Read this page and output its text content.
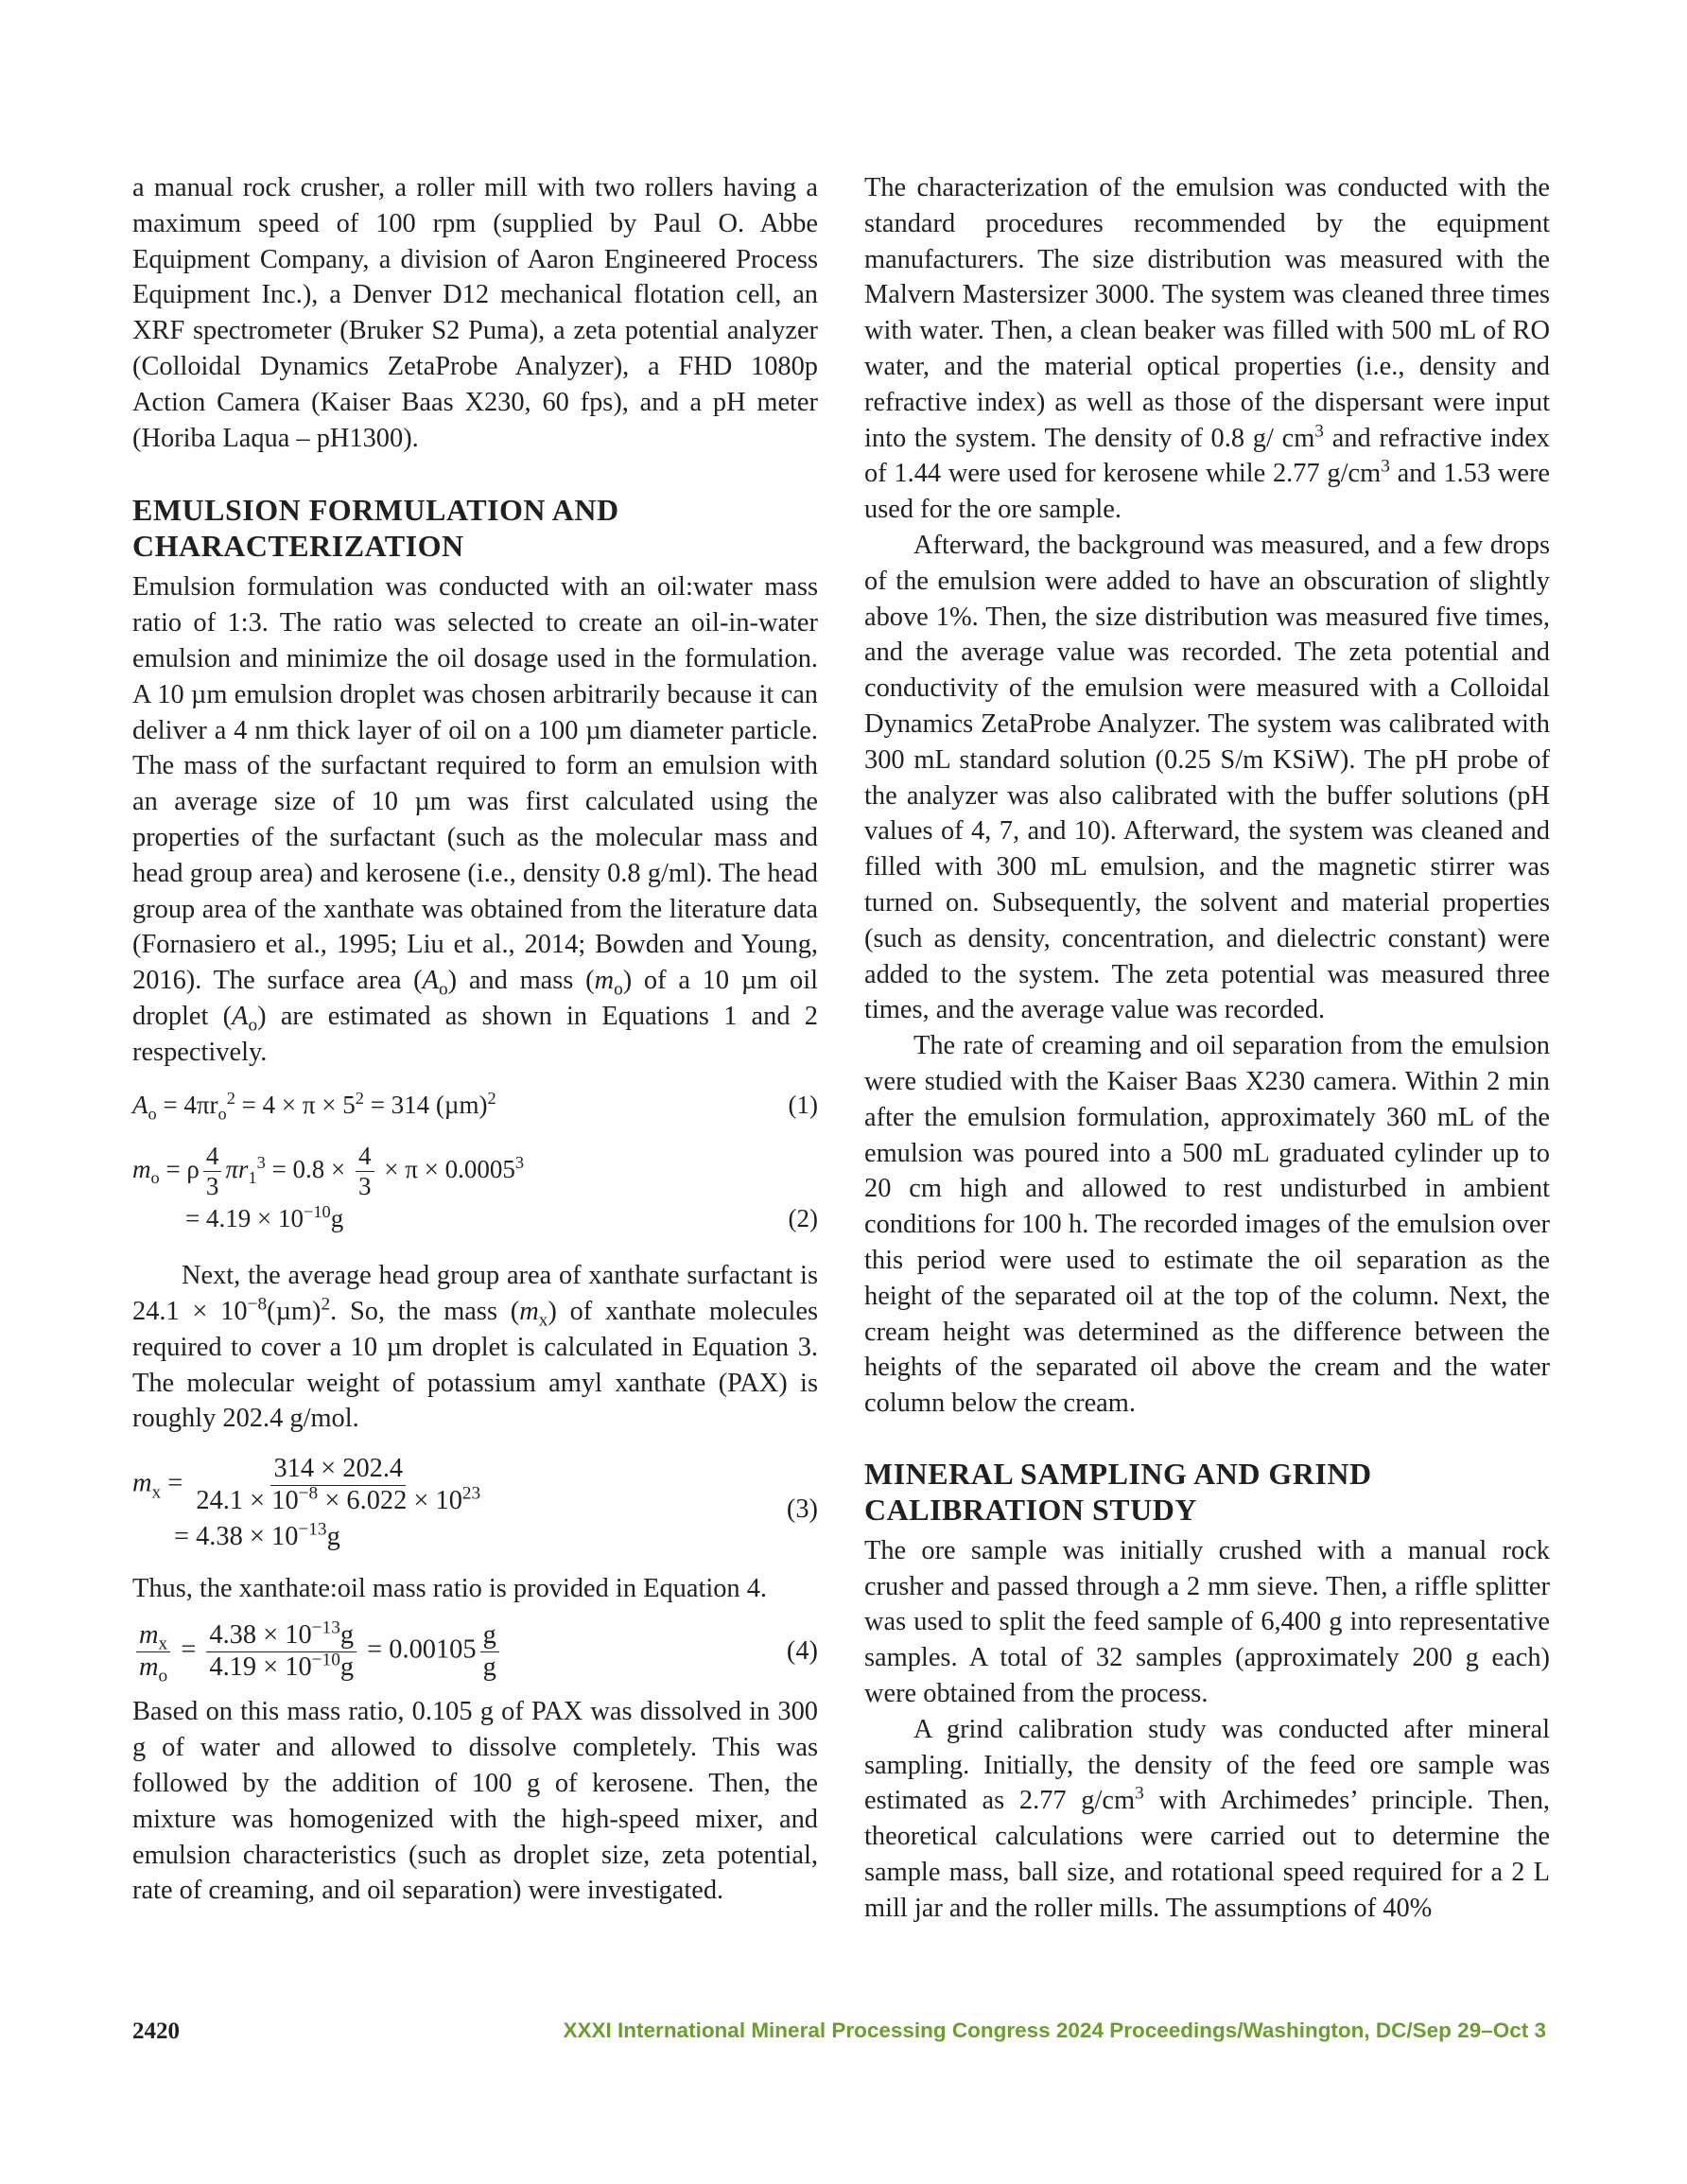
a manual rock crusher, a roller mill with two rollers having a maximum speed of 100 rpm (supplied by Paul O. Abbe Equipment Company, a division of Aaron Engineered Process Equipment Inc.), a Denver D12 mechanical flotation cell, an XRF spectrometer (Bruker S2 Puma), a zeta potential analyzer (Colloidal Dynamics ZetaProbe Analyzer), a FHD 1080p Action Camera (Kaiser Baas X230, 60 fps), and a pH meter (Horiba Laqua – pH1300).

EMULSION FORMULATION AND CHARACTERIZATION

Emulsion formulation was conducted with an oil:water mass ratio of 1:3. The ratio was selected to create an oil-in-water emulsion and minimize the oil dosage used in the formulation. A 10 µm emulsion droplet was chosen arbitrarily because it can deliver a 4 nm thick layer of oil on a 100 µm diameter particle. The mass of the surfactant required to form an emulsion with an average size of 10 µm was first calculated using the properties of the surfactant (such as the molecular mass and head group area) and kerosene (i.e., density 0.8 g/ml). The head group area of the xanthate was obtained from the literature data (Fornasiero et al., 1995; Liu et al., 2014; Bowden and Young, 2016). The surface area $(A_o)$ and mass $(m_o)$ of a 10 µm oil droplet $(A_o)$ are estimated as shown in Equations 1 and 2 respectively.

$A_o = 4\pi r_o^2 = 4 \times \pi \times 5^2 = 314$ $(\mu m)^2$	(1)
$m_o = \rho \frac{4}{3} \pi r_1^3 = 0.8 \times \frac{4}{3} \times \pi \times 0.0005^3$
= $4.19 \times 10^{-10}g$	(2)

Next, the average head group area of xanthate surfactant is $24.1 \times 10^{-8}(\mu m)^2$. So, the mass $(m_x)$ of xanthate molecules required to cover a 10 µm droplet is calculated in Equation 3. The molecular weight of potassium amyl xanthate (PAX) is roughly 202.4 g/mol.

$m_x = \frac{314 \times 202.4}{24.1 \times 10^{-8} \times 6.022 \times 10^{23}}$	(3)
= $4.38 \times 10^{-13}g$

Thus, the xanthate:oil mass ratio is provided in Equation 4.

$\frac{m_x}{m_o} = \frac{4.38 \times 10^{-13}g}{4.19 \times 10^{-10}g} = 0.00105 \frac{g}{g}$	(4)

Based on this mass ratio, 0.105 g of PAX was dissolved in 300 g of water and allowed to dissolve completely. This was followed by the addition of 100 g of kerosene. Then, the mixture was homogenized with the high-speed mixer, and emulsion characteristics (such as droplet size, zeta potential, rate of creaming, and oil separation) were investigated.

The characterization of the emulsion was conducted with the standard procedures recommended by the equipment manufacturers. The size distribution was measured with the Malvern Mastersizer 3000. The system was cleaned three times with water. Then, a clean beaker was filled with 500 mL of RO water, and the material optical properties (i.e., density and refractive index) as well as those of the dispersant were input into the system. The density of 0.8 g/ $cm^3$ and refractive index of 1.44 were used for kerosene while 2.77 $g/cm^3$ and 1.53 were used for the ore sample.

Afterward, the background was measured, and a few drops of the emulsion were added to have an obscuration of slightly above 1%. Then, the size distribution was measured five times, and the average value was recorded. The zeta potential and conductivity of the emulsion were measured with a Colloidal Dynamics ZetaProbe Analyzer. The system was calibrated with 300 mL standard solution (0.25 S/m KSiW). The pH probe of the analyzer was also calibrated with the buffer solutions (pH values of 4, 7, and 10). Afterward, the system was cleaned and filled with 300 mL emulsion, and the magnetic stirrer was turned on. Subsequently, the solvent and material properties (such as density, concentration, and dielectric constant) were added to the system. The zeta potential was measured three times, and the average value was recorded.

The rate of creaming and oil separation from the emulsion were studied with the Kaiser Baas X230 camera. Within 2 min after the emulsion formulation, approximately 360 mL of the emulsion was poured into a 500 mL graduated cylinder up to 20 cm high and allowed to rest undisturbed in ambient conditions for 100 h. The recorded images of the emulsion over this period were used to estimate the oil separation as the height of the separated oil at the top of the column. Next, the cream height was determined as the difference between the heights of the separated oil above the cream and the water column below the cream.

MINERAL SAMPLING AND GRIND CALIBRATION STUDY

The ore sample was initially crushed with a manual rock crusher and passed through a 2 mm sieve. Then, a riffle splitter was used to split the feed sample of 6,400 g into representative samples. A total of 32 samples (approximately 200 g each) were obtained from the process.

A grind calibration study was conducted after mineral sampling. Initially, the density of the feed ore sample was estimated as 2.77 $g/cm^3$ with Archimedes’ principle. Then, theoretical calculations were carried out to determine the sample mass, ball size, and rotational speed required for a 2 L mill jar and the roller mills. The assumptions of 40%

2420	XXXI International Mineral Processing Congress 2024 Proceedings/Washington, DC/Sep 29–Oct 3
